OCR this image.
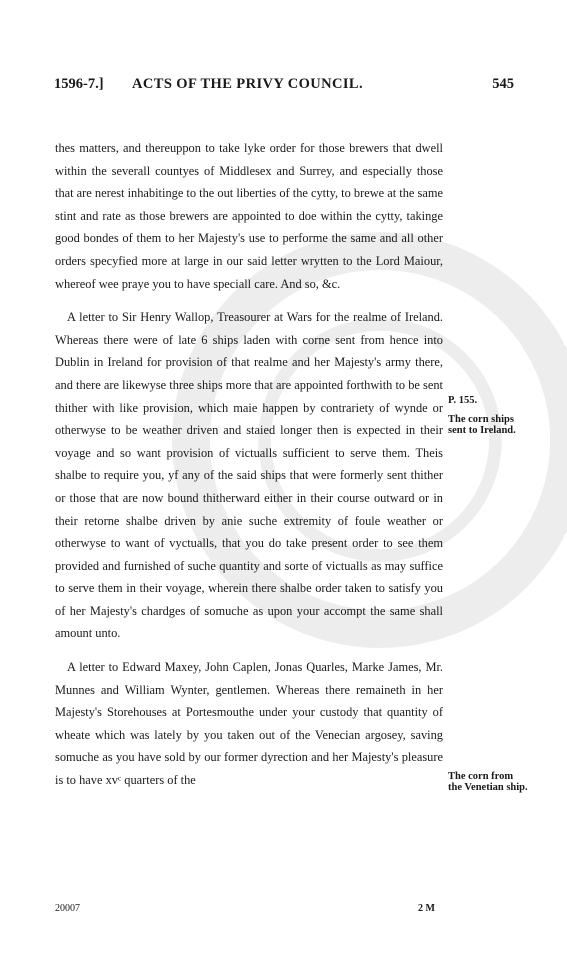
1596-7.] ACTS OF THE PRIVY COUNCIL.	545

thes matters, and thereuppon to take lyke order for those brewers that dwell within the severall countyes of Middlesex and Surrey, and especially those that are nerest inhabitinge to the out liberties of the cytty, to brewe at the same stint and rate as those brewers are appointed to doe within the cytty, takinge good bondes of them to her Majesty's use to performe the same and all other orders specyfied more at large in our said letter wrytten to the Lord Maiour, whereof wee praye you to have speciall care. And so, &c.

A letter to Sir Henry Wallop, Treasourer at Wars for the realme of Ireland. Whereas there were of late 6 ships laden with corne sent from hence into Dublin in Ireland for provision of that realme and her Majesty's army there, and there are likewyse three ships more that are appointed forthwith to be sent thither with like provision, which maie happen by contrariety of wynde or otherwyse to be weather driven and staied longer then is expected in their voyage and so want provision of victualls sufficient to serve them. Theis shalbe to require you, yf any of the said ships that were formerly sent thither or those that are now bound thitherward either in their course outward or in their retorne shalbe driven by anie suche extremity of foule weather or otherwyse to want of vyctualls, that you do take present order to see them provided and furnished of suche quantity and sorte of victualls as may suffice to serve them in their voyage, wherein there shalbe order taken to satisfy you of her Majesty's chardges of somuche as upon your accompt the same shall amount unto.

A letter to Edward Maxey, John Caplen, Jonas Quarles, Marke James, Mr. Munnes and William Wynter, gentlemen. Whereas there remaineth in her Majesty's Storehouses at Portesmouthe under your custody that quantity of wheate which was lately by you taken out of the Venecian argosey, saving somuche as you have sold by our former dyrection and her Majesty's pleasure is to have xvᶜ quarters of the

P. 155.
The corn ships sent to Ireland.
The corn from the Venetian ship.
20007	2 M
